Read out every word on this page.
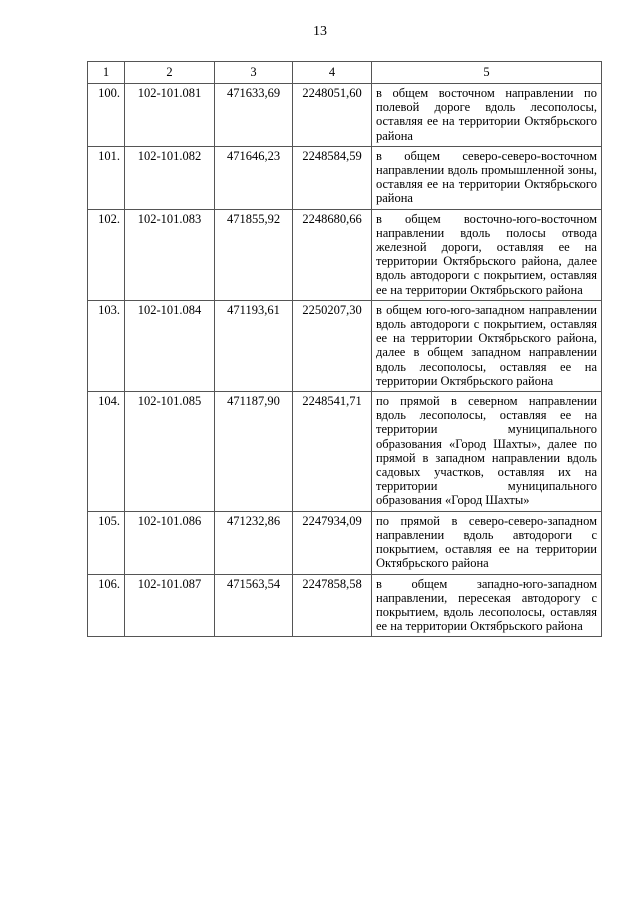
13
1	2	3	4	5
100.	102-101.081	471633,69	2248051,60	в общем восточном направлении по полевой дороге вдоль лесополосы, оставляя ее на территории Октябрьского района
101.	102-101.082	471646,23	2248584,59	в общем северо-северо-восточном направлении вдоль промышленной зоны, оставляя ее на территории Октябрьского района
102.	102-101.083	471855,92	2248680,66	в общем восточно-юго-восточном направлении вдоль полосы отвода железной дороги, оставляя ее на территории Октябрьского района, далее вдоль автодороги с покрытием, оставляя ее на территории Октябрьского района
103.	102-101.084	471193,61	2250207,30	в общем юго-юго-западном направлении вдоль автодороги с покрытием, оставляя ее на территории Октябрьского района, далее в общем западном направлении вдоль лесополосы, оставляя ее на территории Октябрьского района
104.	102-101.085	471187,90	2248541,71	по прямой в северном направлении вдоль лесополосы, оставляя ее на территории муниципального образования «Город Шахты», далее по прямой в западном направлении вдоль садовых участков, оставляя их на территории муниципального образования «Город Шахты»
105.	102-101.086	471232,86	2247934,09	по прямой в северо-северо-западном направлении вдоль автодороги с покрытием, оставляя ее на территории Октябрьского района
106.	102-101.087	471563,54	2247858,58	в общем западно-юго-западном направлении, пересекая автодорогу с покрытием, вдоль лесополосы, оставляя ее на территории Октябрьского района
